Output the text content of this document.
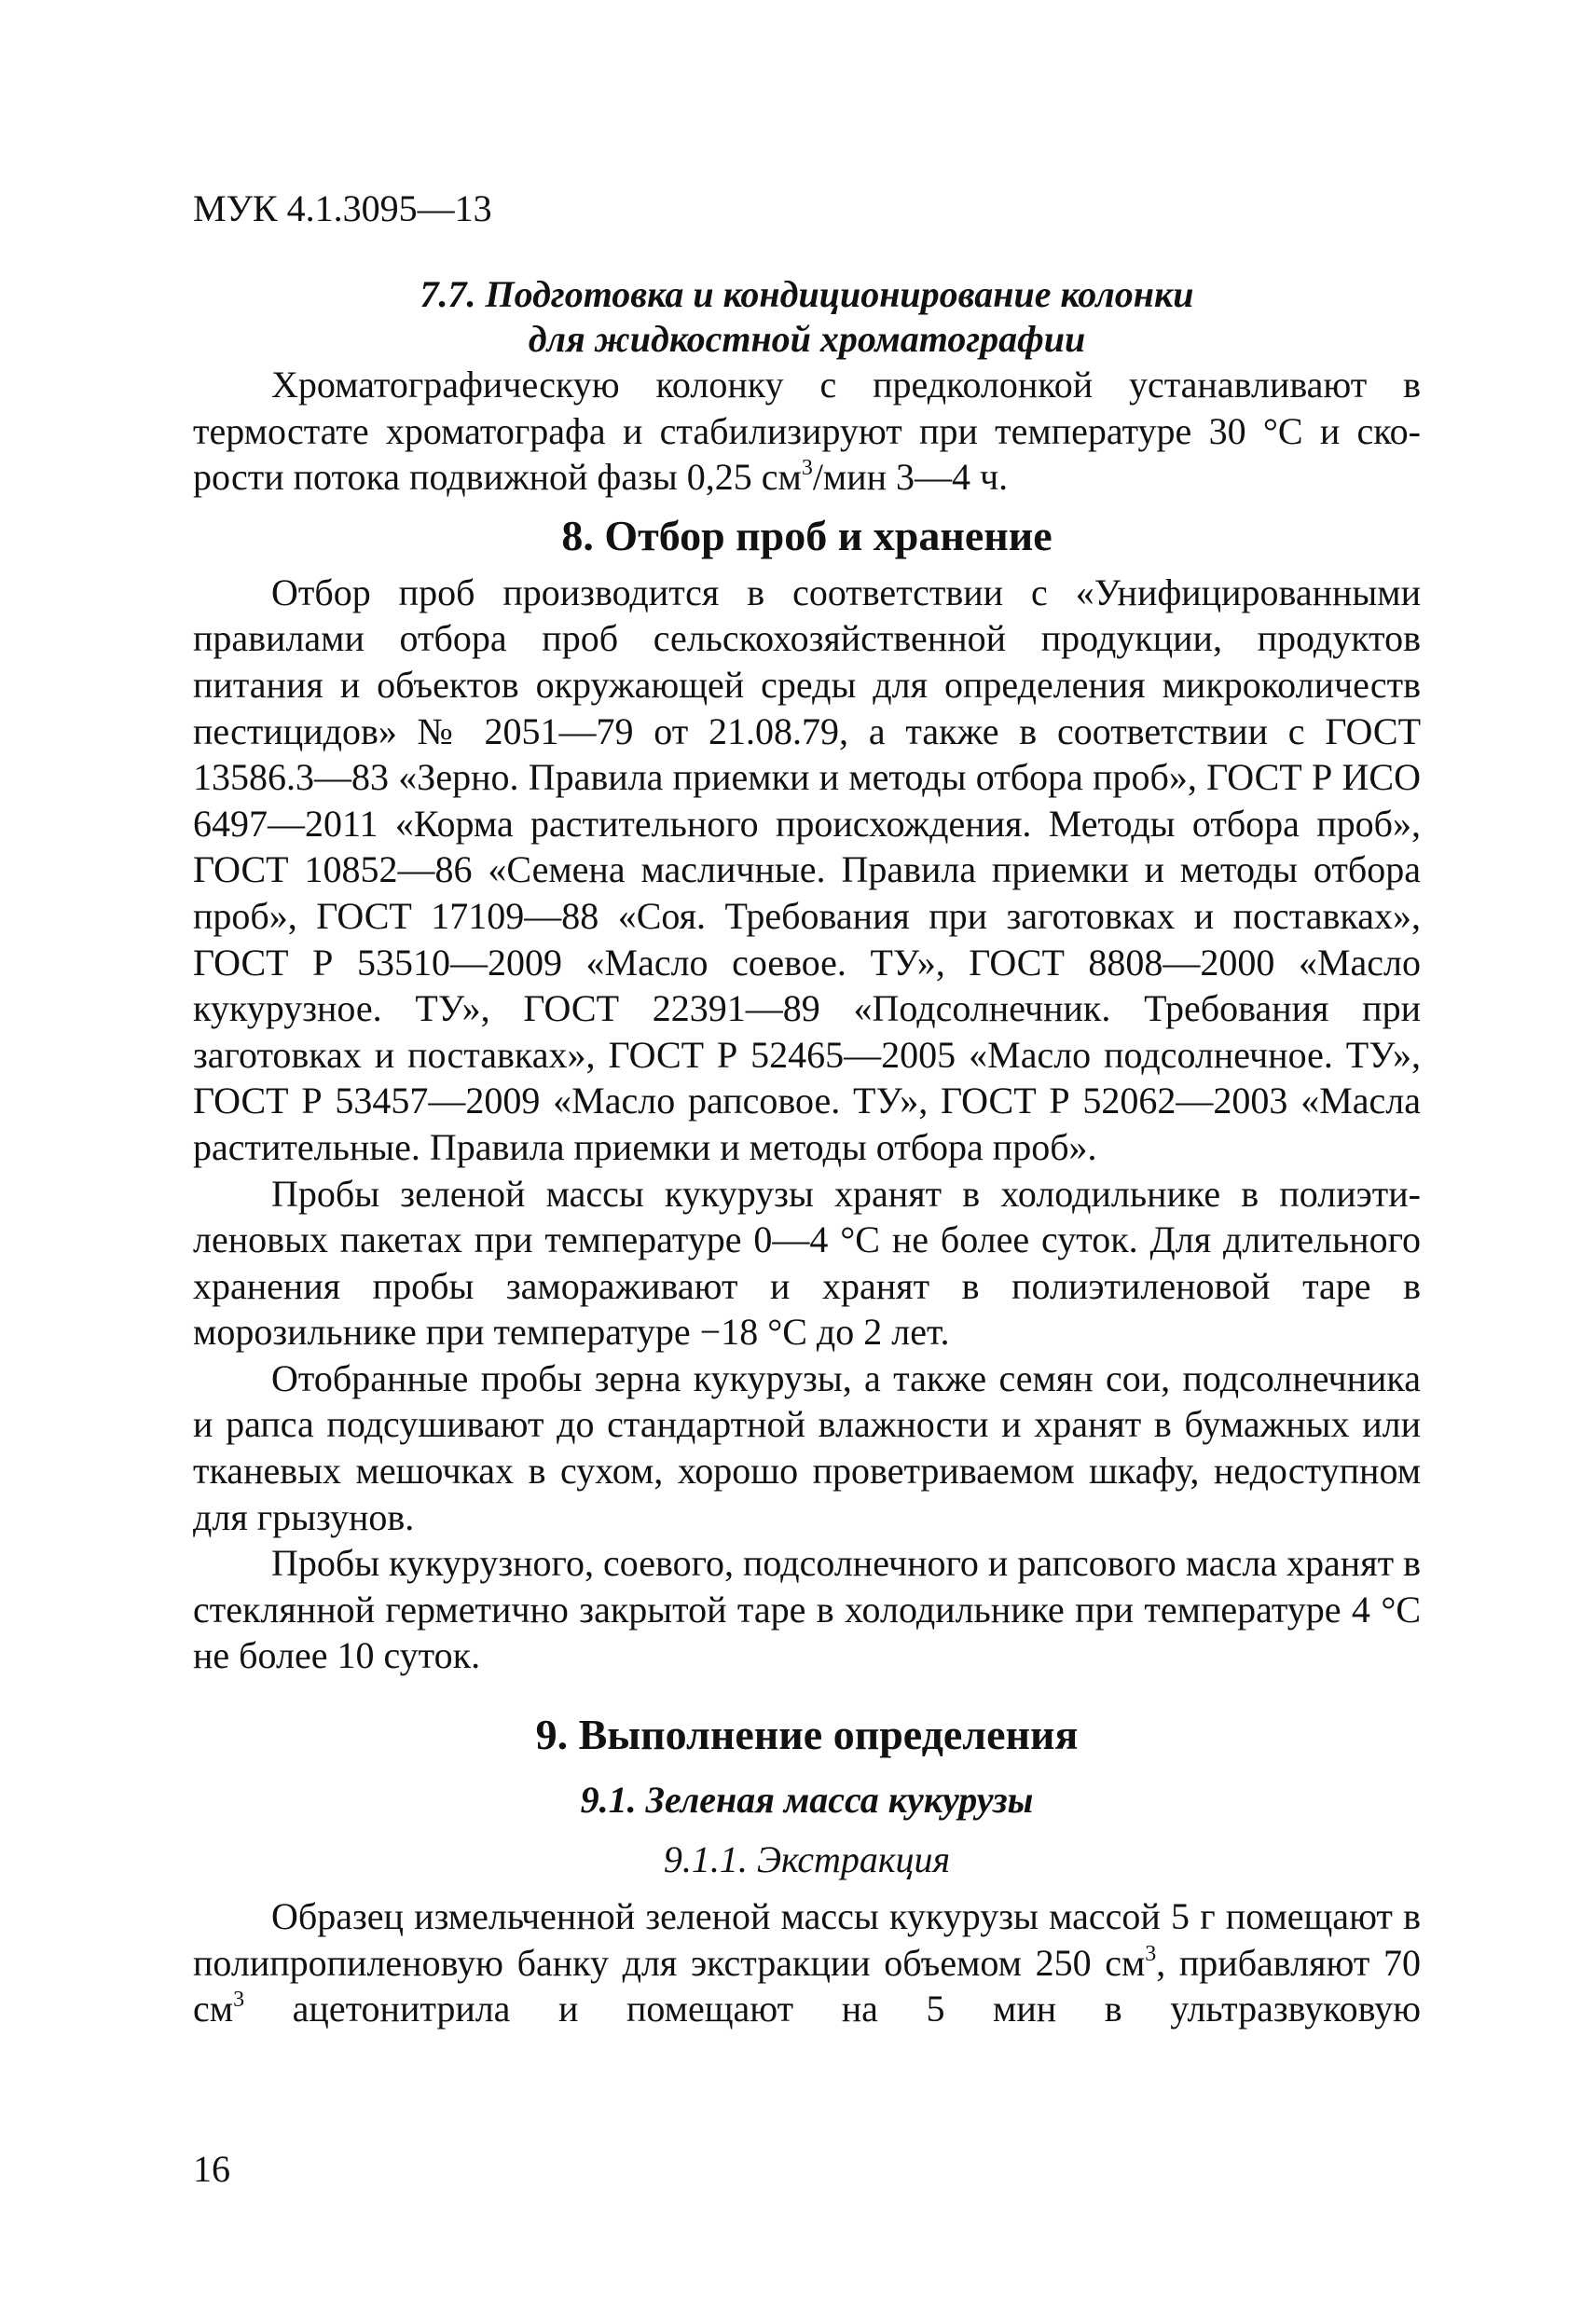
МУК 4.1.3095—13
7.7. Подготовка и кондиционирование колонки
для жидкостной хроматографии

Хроматографическую колонку с предколонкой устанавливают в термостате хроматографа и стабилизируют при температуре 30 °С и скорости потока подвижной фазы 0,25 $см^3$/мин 3—4 ч.

8. Отбор проб и хранение

Отбор проб производится в соответствии с «Унифицированными правилами отбора проб сельскохозяйственной продукции, продуктов питания и объектов окружающей среды для определения микроколичеств пестицидов» № 2051—79 от 21.08.79, а также в соответствии с ГОСТ 13586.3—83 «Зерно. Правила приемки и методы отбора проб», ГОСТ Р ИСО 6497—2011 «Корма растительного происхождения. Методы отбора проб», ГОСТ 10852—86 «Семена масличные. Правила приемки и методы отбора проб», ГОСТ 17109—88 «Соя. Требования при заготовках и поставках», ГОСТ Р 53510—2009 «Масло соевое. ТУ», ГОСТ 8808—2000 «Масло кукурузное. ТУ», ГОСТ 22391—89 «Подсолнечник. Требования при заготовках и поставках», ГОСТ Р 52465—2005 «Масло подсолнечное. ТУ», ГОСТ Р 53457—2009 «Масло рапсовое. ТУ», ГОСТ Р 52062—2003 «Масла растительные. Правила приемки и методы отбора проб».

Пробы зеленой массы кукурузы хранят в холодильнике в полиэтиленовых пакетах при температуре 0—4 °С не более суток. Для длительного хранения пробы замораживают и хранят в полиэтиленовой таре в морозильнике при температуре −18 °С до 2 лет.

Отобранные пробы зерна кукурузы, а также семян сои, подсолнечника и рапса подсушивают до стандартной влажности и хранят в бумажных или тканевых мешочках в сухом, хорошо проветриваемом шкафу, недоступном для грызунов.

Пробы кукурузного, соевого, подсолнечного и рапсового масла хранят в стеклянной герметично закрытой таре в холодильнике при температуре 4 °С не более 10 суток.

9. Выполнение определения
9.1. Зеленая масса кукурузы
9.1.1. Экстракция

Образец измельченной зеленой массы кукурузы массой 5 г помещают в полипропиленовую банку для экстракции объемом 250 $см^3$, прибавляют 70 $см^3$ ацетонитрила и помещают на 5 мин в ультразвуковую

16
